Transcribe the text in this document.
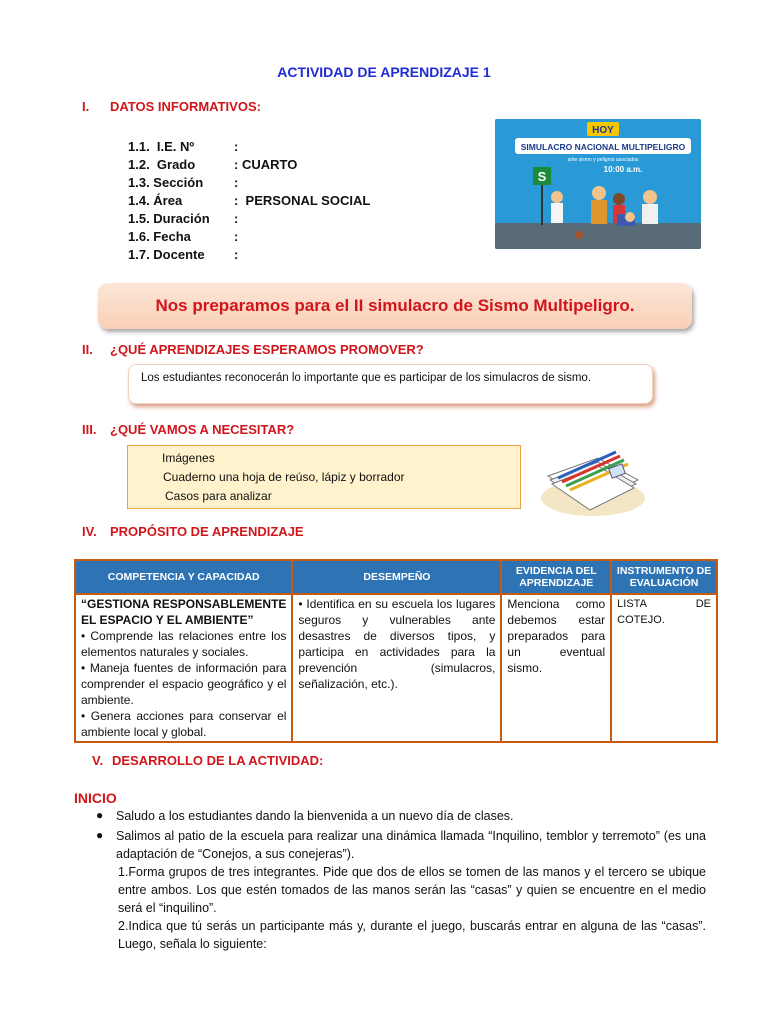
ACTIVIDAD DE APRENDIZAJE 1
I. DATOS INFORMATIVOS:
1.1.  I.E. Nº	:
1.2.  Grado	: CUARTO
1.3. Sección :
1.4. Área	:  PERSONAL SOCIAL
1.5. Duración :
1.6. Fecha	:
1.7. Docente :
HOY
SIMULACRO NACIONAL MULTIPELIGRO
ante sismo y peligros asociados
10:00 a.m.
S
Nos preparamos para el II simulacro de Sismo Multipeligro.
II. ¿QUÉ APRENDIZAJES ESPERAMOS PROMOVER?
Los estudiantes reconocerán lo importante que es participar de los simulacros de sismo.
III. ¿QUÉ VAMOS A NECESITAR?
Imágenes
Cuaderno una hoja de reúso, lápiz y borrador
Casos para analizar
IV. PROPÓSITO DE APRENDIZAJE
COMPETENCIA Y CAPACIDAD	DESEMPEÑO	EVIDENCIA DEL APRENDIZAJE	INSTRUMENTO DE EVALUACIÓN

“GESTIONA RESPONSABLEMENTE EL ESPACIO Y EL AMBIENTE”
• Comprende las relaciones entre los elementos naturales y sociales.
• Maneja fuentes de información para comprender el espacio geográfico y el ambiente.
• Genera acciones para conservar el ambiente local y global.	• Identifica en su escuela los lugares seguros y vulnerables ante desastres de diversos tipos, y participa en actividades para la prevención (simulacros, señalización, etc.).	Menciona como debemos estar preparados para un eventual sismo.	LISTA DE COTEJO.
V. DESARROLLO DE LA ACTIVIDAD:
INICIO
● Saludo a los estudiantes dando la bienvenida a un nuevo día de clases.
● Salimos al patio de la escuela para realizar una dinámica llamada “Inquilino, temblor y terremoto” (es una adaptación de “Conejos, a sus conejeras”).
1.Forma grupos de tres integrantes. Pide que dos de ellos se tomen de las manos y el tercero se ubique entre ambos. Los que estén tomados de las manos serán las “casas” y quien se encuentre en el medio será el “inquilino”.
2.Indica que tú serás un participante más y, durante el juego, buscarás entrar en alguna de las “casas”. Luego, señala lo siguiente:
